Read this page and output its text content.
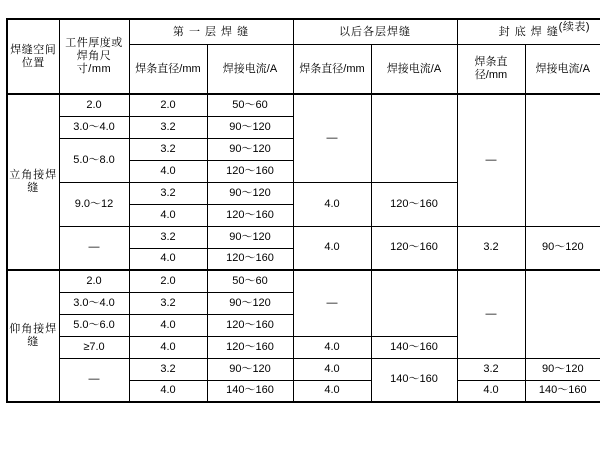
(续表)
焊缝空间位置	工件厚度或焊角尺寸/mm	第 一 层 焊 缝		以后各层焊缝		封 底 焊 缝	
		焊条直径/mm	焊接电流/A	焊条直径/mm	焊接电流/A	焊条直径/mm	焊接电流/A

立角接焊缝	2.0	2.0	50～60	—		—	
	3.0～4.0	3.2	90～120				
	5.0～8.0	3.2	90～120				
		4.0	120～160				
	9.0～12	3.2	90～120	4.0	120～160		
		4.0	120～160				
	—	3.2	90～120	4.0	120～160	3.2	90～120
		4.0	120～160				

仰角接焊缝	2.0	2.0	50～60	—		—	
	3.0～4.0	3.2	90～120				
	5.0～6.0	4.0	120～160				
	≥7.0	4.0	120～160	4.0	140～160		
	—	3.2	90～120	4.0	140～160	3.2	90～120
		4.0	140～160	4.0		4.0	140～160
